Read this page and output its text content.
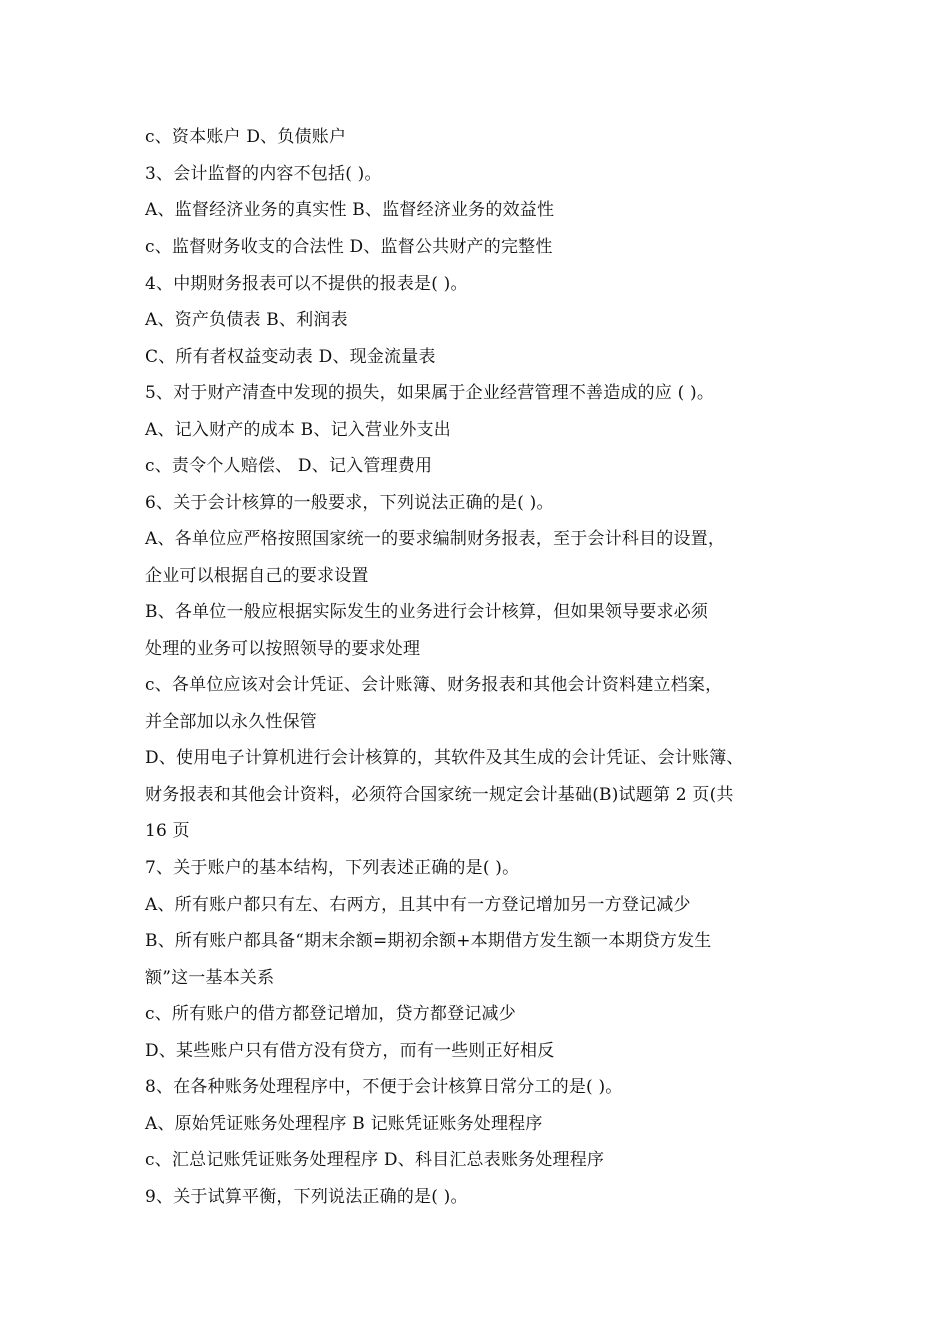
c、资本账户 D、负债账户
3、会计监督的内容不包括( )。
A、监督经济业务的真实性 B、监督经济业务的效益性
c、监督财务收支的合法性 D、监督公共财产的完整性
4、中期财务报表可以不提供的报表是( )。
A、资产负债表 B、利润表
C、所有者权益变动表 D、现金流量表
5、对于财产清查中发现的损失，如果属于企业经营管理不善造成的应 ( )。
A、记入财产的成本 B、记入营业外支出
c、责令个人赔偿、 D、记入管理费用
6、关于会计核算的一般要求，下列说法正确的是( )。
A、各单位应严格按照国家统一的要求编制财务报表，至于会计科目的设置，
企业可以根据自己的要求设置
B、各单位一般应根据实际发生的业务进行会计核算，但如果领导要求必须
处理的业务可以按照领导的要求处理
c、各单位应该对会计凭证、会计账簿、财务报表和其他会计资料建立档案，
并全部加以永久性保管
D、使用电子计算机进行会计核算的，其软件及其生成的会计凭证、会计账簿、
财务报表和其他会计资料，必须符合国家统一规定会计基础(B)试题第 2 页(共
16 页
7、关于账户的基本结构，下列表述正确的是( )。
A、所有账户都只有左、右两方，且其中有一方登记增加另一方登记减少
B、所有账户都具备“期末余额=期初余额+本期借方发生额一本期贷方发生
额”这一基本关系
c、所有账户的借方都登记增加，贷方都登记减少
D、某些账户只有借方没有贷方，而有一些则正好相反
8、在各种账务处理程序中，不便于会计核算日常分工的是( )。
A、原始凭证账务处理程序 B 记账凭证账务处理程序
c、汇总记账凭证账务处理程序 D、科目汇总表账务处理程序
9、关于试算平衡，下列说法正确的是( )。
